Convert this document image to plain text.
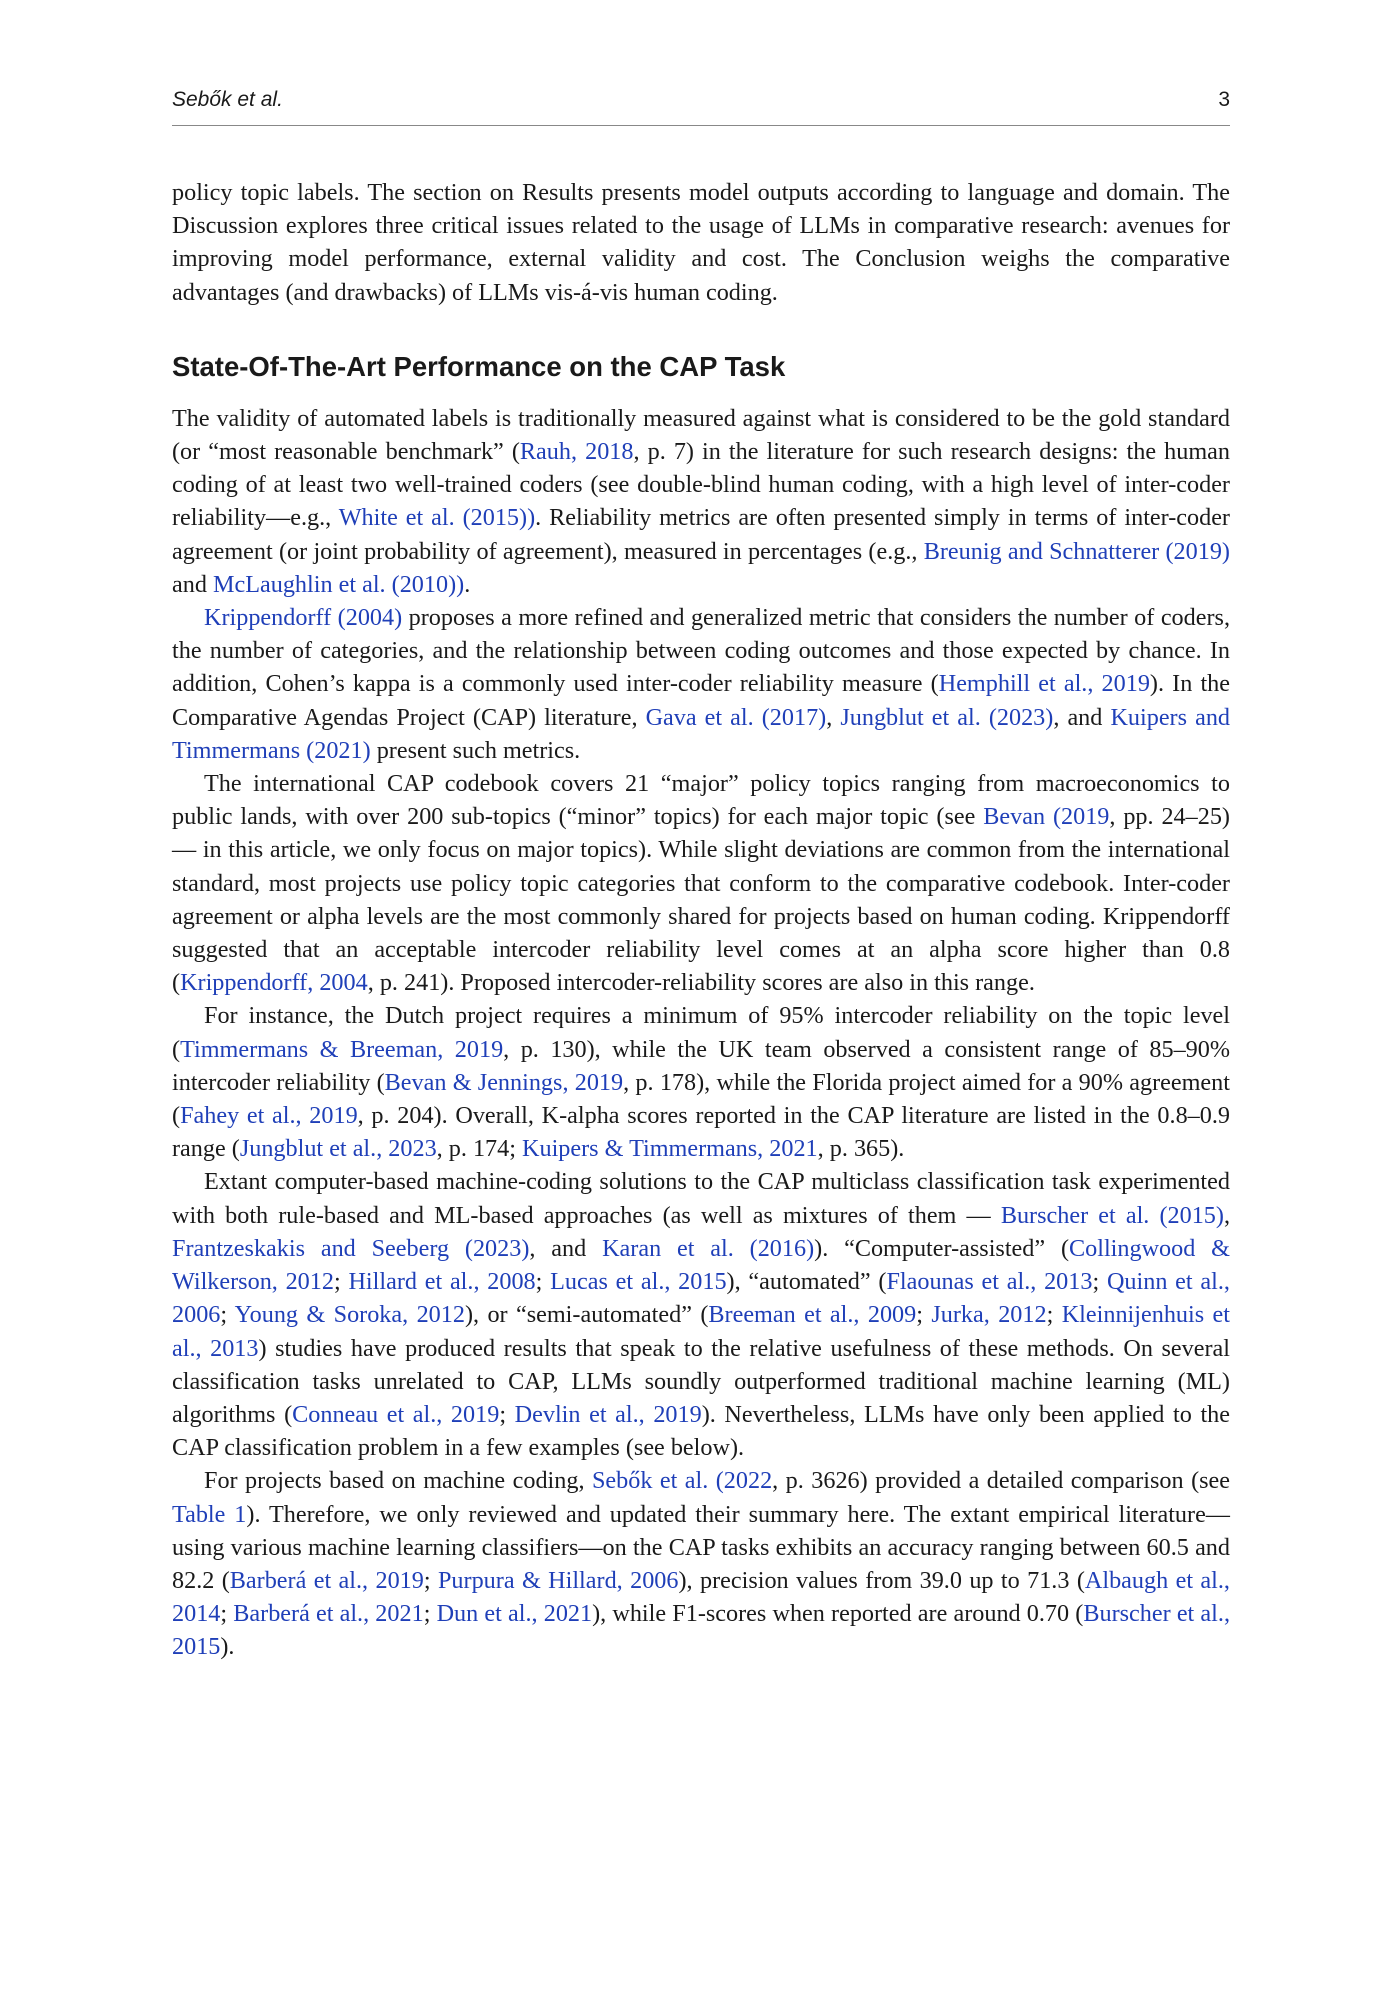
Sebők et al.	3

policy topic labels. The section on Results presents model outputs according to language and domain. The Discussion explores three critical issues related to the usage of LLMs in comparative research: avenues for improving model performance, external validity and cost. The Conclusion weighs the comparative advantages (and drawbacks) of LLMs vis-á-vis human coding.

State-Of-The-Art Performance on the CAP Task

The validity of automated labels is traditionally measured against what is considered to be the gold standard (or “most reasonable benchmark” (Rauh, 2018, p. 7) in the literature for such research designs: the human coding of at least two well-trained coders (see double-blind human coding, with a high level of inter-coder reliability—e.g., White et al. (2015)). Reliability metrics are often presented simply in terms of inter-coder agreement (or joint probability of agreement), measured in percentages (e.g., Breunig and Schnatterer (2019) and McLaughlin et al. (2010)).

Krippendorff (2004) proposes a more refined and generalized metric that considers the number of coders, the number of categories, and the relationship between coding outcomes and those expected by chance. In addition, Cohen’s kappa is a commonly used inter-coder reliability measure (Hemphill et al., 2019). In the Comparative Agendas Project (CAP) literature, Gava et al. (2017), Jungblut et al. (2023), and Kuipers and Timmermans (2021) present such metrics.

The international CAP codebook covers 21 “major” policy topics ranging from macroeconomics to public lands, with over 200 sub-topics (“minor” topics) for each major topic (see Bevan (2019, pp. 24–25) — in this article, we only focus on major topics). While slight deviations are common from the international standard, most projects use policy topic categories that conform to the comparative codebook. Inter-coder agreement or alpha levels are the most commonly shared for projects based on human coding. Krippendorff suggested that an acceptable intercoder reliability level comes at an alpha score higher than 0.8 (Krippendorff, 2004, p. 241). Proposed intercoder-reliability scores are also in this range.

For instance, the Dutch project requires a minimum of 95% intercoder reliability on the topic level (Timmermans & Breeman, 2019, p. 130), while the UK team observed a consistent range of 85–90% intercoder reliability (Bevan & Jennings, 2019, p. 178), while the Florida project aimed for a 90% agreement (Fahey et al., 2019, p. 204). Overall, K-alpha scores reported in the CAP literature are listed in the 0.8–0.9 range (Jungblut et al., 2023, p. 174; Kuipers & Timmermans, 2021, p. 365).

Extant computer-based machine-coding solutions to the CAP multiclass classification task experimented with both rule-based and ML-based approaches (as well as mixtures of them — Burscher et al. (2015), Frantzeskakis and Seeberg (2023), and Karan et al. (2016)). “Computer-assisted” (Collingwood & Wilkerson, 2012; Hillard et al., 2008; Lucas et al., 2015), “automated” (Flaounas et al., 2013; Quinn et al., 2006; Young & Soroka, 2012), or “semi-automated” (Breeman et al., 2009; Jurka, 2012; Kleinnijenhuis et al., 2013) studies have produced results that speak to the relative usefulness of these methods. On several classification tasks unrelated to CAP, LLMs soundly outperformed traditional machine learning (ML) algorithms (Conneau et al., 2019; Devlin et al., 2019). Nevertheless, LLMs have only been applied to the CAP classification problem in a few examples (see below).

For projects based on machine coding, Sebők et al. (2022, p. 3626) provided a detailed comparison (see Table 1). Therefore, we only reviewed and updated their summary here. The extant empirical literature—using various machine learning classifiers—on the CAP tasks exhibits an accuracy ranging between 60.5 and 82.2 (Barberá et al., 2019; Purpura & Hillard, 2006), precision values from 39.0 up to 71.3 (Albaugh et al., 2014; Barberá et al., 2021; Dun et al., 2021), while F1-scores when reported are around 0.70 (Burscher et al., 2015).
